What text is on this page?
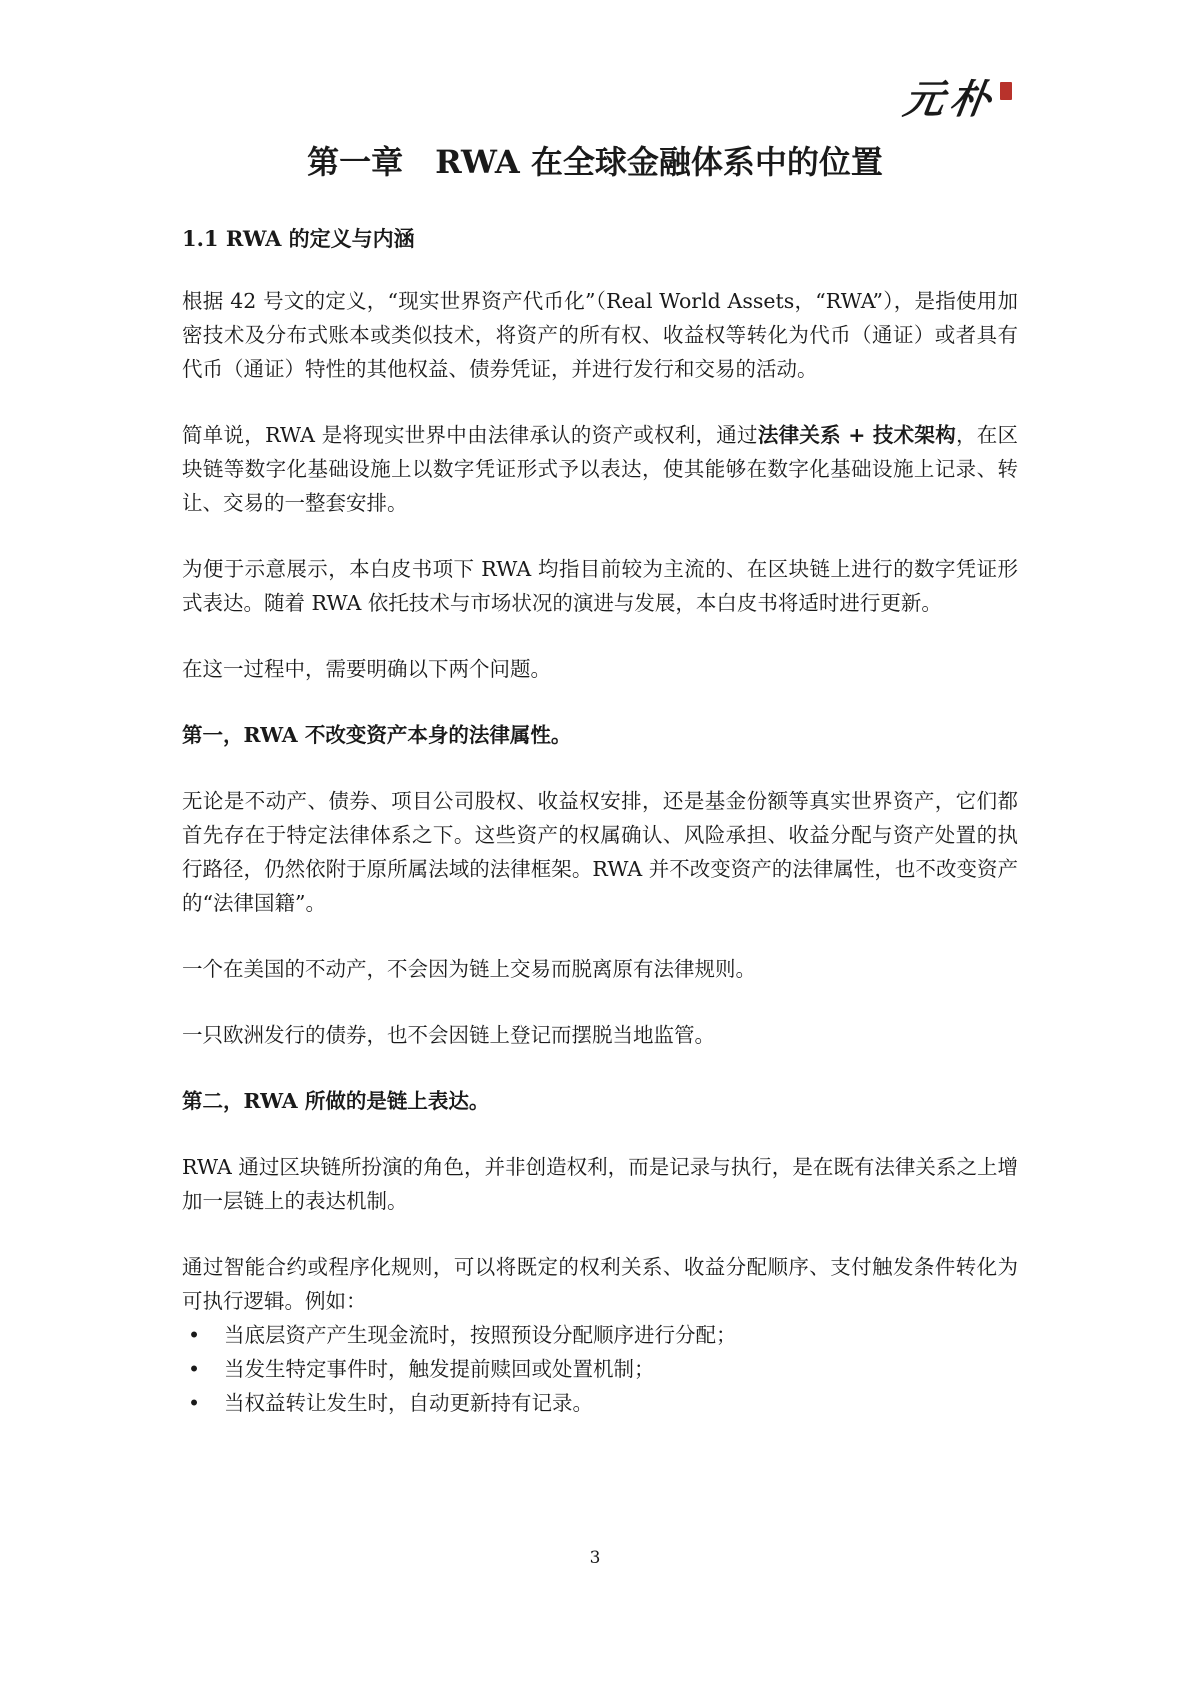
元朴
第一章　RWA 在全球金融体系中的位置
1.1 RWA 的定义与内涵

根据 42 号文的定义，“现实世界资产代币化”（Real World Assets，“RWA”），是指使用加密技术及分布式账本或类似技术，将资产的所有权、收益权等转化为代币（通证）或者具有代币（通证）特性的其他权益、债券凭证，并进行发行和交易的活动。

简单说，RWA 是将现实世界中由法律承认的资产或权利，通过法律关系 + 技术架构，在区块链等数字化基础设施上以数字凭证形式予以表达，使其能够在数字化基础设施上记录、转让、交易的一整套安排。

为便于示意展示，本白皮书项下 RWA 均指目前较为主流的、在区块链上进行的数字凭证形式表达。随着 RWA 依托技术与市场状况的演进与发展，本白皮书将适时进行更新。

在这一过程中，需要明确以下两个问题。

第一，RWA 不改变资产本身的法律属性。

无论是不动产、债券、项目公司股权、收益权安排，还是基金份额等真实世界资产，它们都首先存在于特定法律体系之下。这些资产的权属确认、风险承担、收益分配与资产处置的执行路径，仍然依附于原所属法域的法律框架。RWA 并不改变资产的法律属性，也不改变资产的“法律国籍”。

一个在美国的不动产，不会因为链上交易而脱离原有法律规则。

一只欧洲发行的债券，也不会因链上登记而摆脱当地监管。

第二，RWA 所做的是链上表达。

RWA 通过区块链所扮演的角色，并非创造权利，而是记录与执行，是在既有法律关系之上增加一层链上的表达机制。

通过智能合约或程序化规则，可以将既定的权利关系、收益分配顺序、支付触发条件转化为可执行逻辑。例如：

• 当底层资产产生现金流时，按照预设分配顺序进行分配；
• 当发生特定事件时，触发提前赎回或处置机制；
• 当权益转让发生时，自动更新持有记录。
3
